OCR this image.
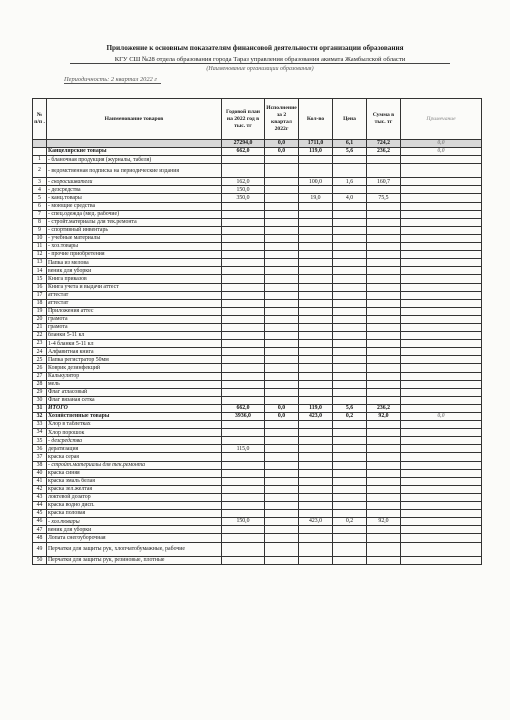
Приложение к основным показателям финансовой деятельности организации образования
КГУ СШ №28 отдела образования города Тараз управления образования акимата Жамбылской области
(Наименование организации образования)
Периодичность: 2 квартал 2022 г
№ п/п .	Наименование товаров	Годовой план на 2022 год в тыс. тг	Исполнение за 2 квартал 2022г	Кол-во	Цена	Сумма в тыс. тг	Примечание
		27294,0	0,0	1711,0	6,1	724,2	0,0
	Канцелярские товары	662,0	0,0	119,0	5,6	236,2	0,0
1	- бланочная продукция (журналы, табеля)						
2	- ведомственная подписка на периодические издания						
3	- скоросшиватели	162,0		100,0	1,6	160,7	
4	- дезсредства	150,0					
5	- канц.товары	350,0		19,0	4,0	75,5	
6	- моющие средства						
7	- спец.одежда (мед. рабочие)						
8	- стройт.материалы для тек.ремонта						
9	- спортивный инвентарь						
10	- учебные материалы						
11	- хоз.товары						
12	- прочие приобретения						
13	Папка из мелова						
14	веник для уборки						
15	Книга приказов						
16	Книга учета и выдачи аттест						
17	аттестат						
18	аттестат						
19	Приложения аттес						
20	грамота						
21	грамота						
22	бланки 5-11 кл						
23	1-4 бланки 5-11 кл						
24	Алфавитная книга						
25	Папка регистратор 50мм						
26	Коврик дезинфекций						
27	Калькулятор						
28	мель						
29	Флаг атласовый						
30	Флаг вязаная сетка						
31	ИТОГО	662,0	0,0	119,0	5,6	236,2	
32	Хозяйственные товары	3936,0	0,0	423,0	0,2	92,0	0,0
33	Хлор в таблетках						
34	Хлор порошок						
35	- дезсредства						
36	дератизация	115,0					
37	краска серая						
38	- стройт.материалы для тек.ремонта						
40	краска синяя						
41	краска эмаль белая						
42	краска зел.желтая						
43	локтевой дозатор						
44	краска водно дисп.						
45	краска половая						
46	- хоз.товары	150,0		423,0	0,2	92,0	
47	веник для уборки						
48	Лопата снегоуборочная						
49	Перчатки для защиты рук, хлопчатобумажные, рабочие						
50	Перчатки для защиты рук, резиновые, плотные						
